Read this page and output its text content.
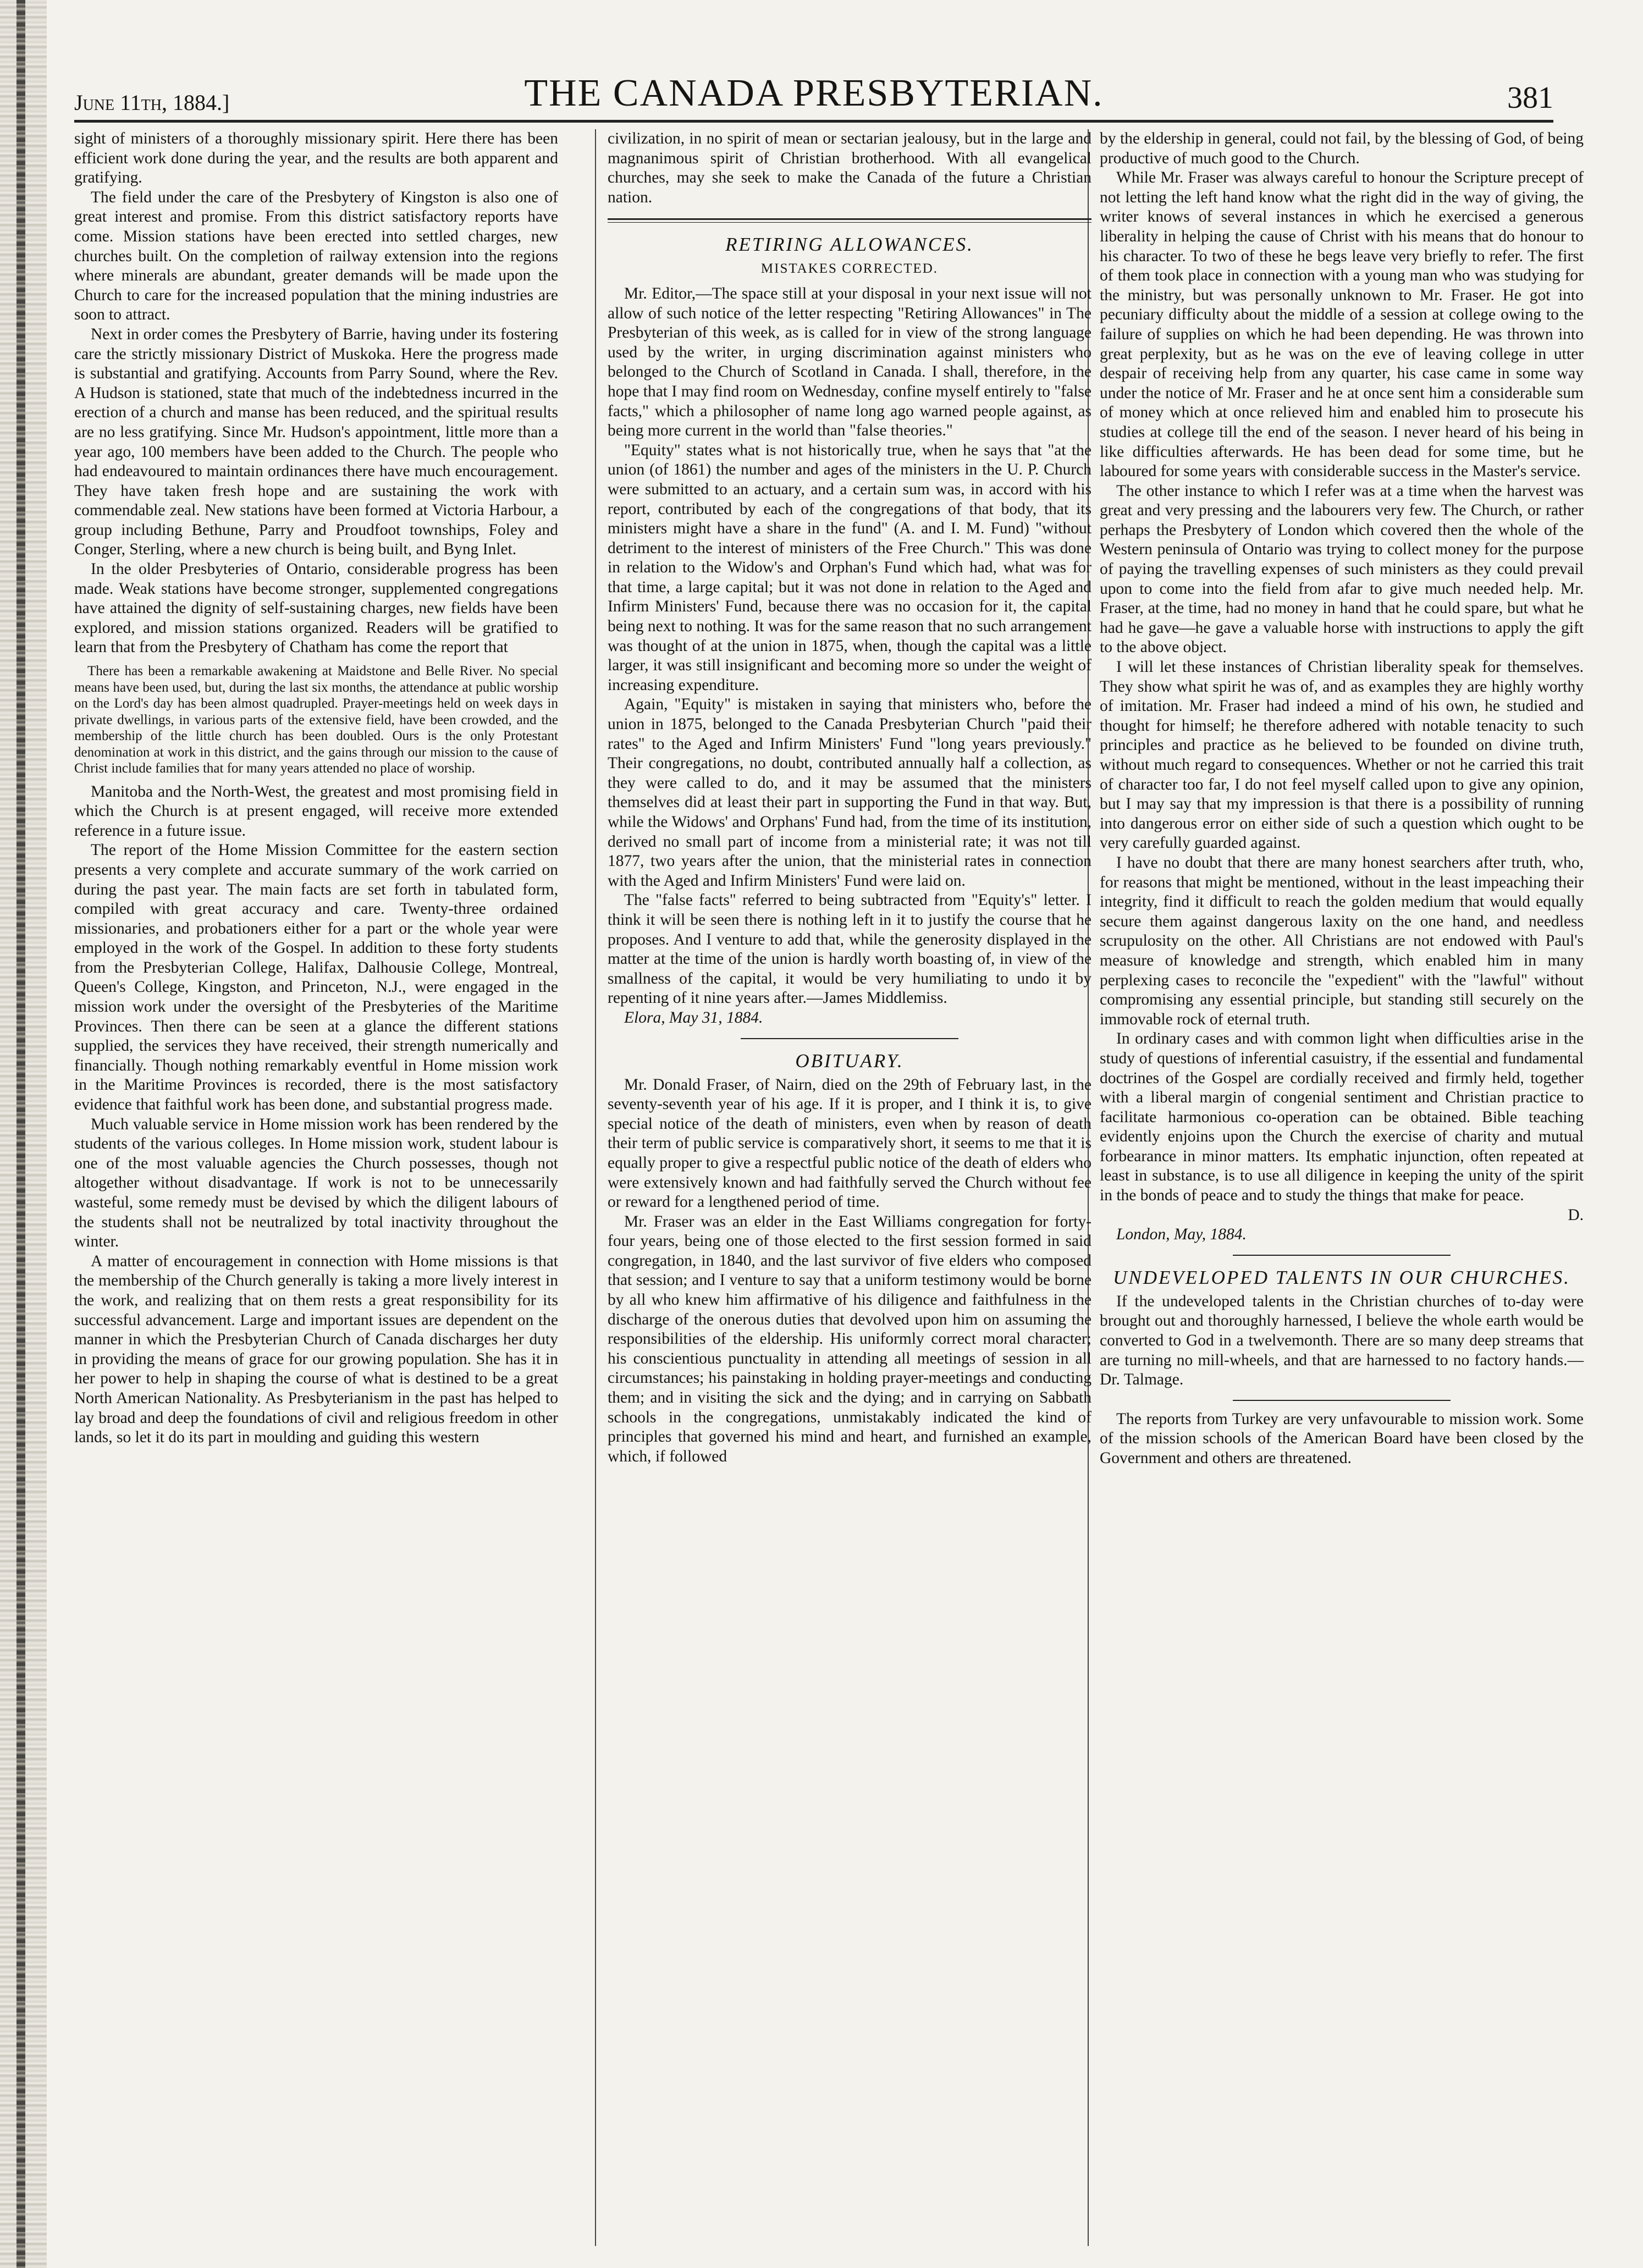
June 11th, 1884.]	THE CANADA PRESBYTERIAN.	381

sight of ministers of a thoroughly missionary spirit. Here there has been efficient work done during the year, and the results are both apparent and gratifying.

The field under the care of the Presbytery of Kingston is also one of great interest and promise. From this district satisfactory reports have come. Mission stations have been erected into settled charges, new churches built. On the completion of railway extension into the regions where minerals are abundant, greater demands will be made upon the Church to care for the increased population that the mining industries are soon to attract.

Next in order comes the Presbytery of Barrie, having under its fostering care the strictly missionary District of Muskoka. Here the progress made is substantial and gratifying. Accounts from Parry Sound, where the Rev. A Hudson is stationed, state that much of the indebtedness incurred in the erection of a church and manse has been reduced, and the spiritual results are no less gratifying. Since Mr. Hudson's appointment, little more than a year ago, 100 members have been added to the Church. The people who had endeavoured to maintain ordinances there have much encouragement. They have taken fresh hope and are sustaining the work with commendable zeal. New stations have been formed at Victoria Harbour, a group including Bethune, Parry and Proudfoot townships, Foley and Conger, Sterling, where a new church is being built, and Byng Inlet.

In the older Presbyteries of Ontario, considerable progress has been made. Weak stations have become stronger, supplemented congregations have attained the dignity of self-sustaining charges, new fields have been explored, and mission stations organized. Readers will be gratified to learn that from the Presbytery of Chatham has come the report that

There has been a remarkable awakening at Maidstone and Belle River. No special means have been used, but, during the last six months, the attendance at public worship on the Lord's day has been almost quadrupled. Prayer-meetings held on week days in private dwellings, in various parts of the extensive field, have been crowded, and the membership of the little church has been doubled. Ours is the only Protestant denomination at work in this district, and the gains through our mission to the cause of Christ include families that for many years attended no place of worship.

Manitoba and the North-West, the greatest and most promising field in which the Church is at present engaged, will receive more extended reference in a future issue.

The report of the Home Mission Committee for the eastern section presents a very complete and accurate summary of the work carried on during the past year. The main facts are set forth in tabulated form, compiled with great accuracy and care. Twenty-three ordained missionaries, and probationers either for a part or the whole year were employed in the work of the Gospel. In addition to these forty students from the Presbyterian College, Halifax, Dalhousie College, Montreal, Queen's College, Kingston, and Princeton, N.J., were engaged in the mission work under the oversight of the Presbyteries of the Maritime Provinces. Then there can be seen at a glance the different stations supplied, the services they have received, their strength numerically and financially. Though nothing remarkably eventful in Home mission work in the Maritime Provinces is recorded, there is the most satisfactory evidence that faithful work has been done, and substantial progress made.

Much valuable service in Home mission work has been rendered by the students of the various colleges. In Home mission work, student labour is one of the most valuable agencies the Church possesses, though not altogether without disadvantage. If work is not to be unnecessarily wasteful, some remedy must be devised by which the diligent labours of the students shall not be neutralized by total inactivity throughout the winter.

A matter of encouragement in connection with Home missions is that the membership of the Church generally is taking a more lively interest in the work, and realizing that on them rests a great responsibility for its successful advancement. Large and important issues are dependent on the manner in which the Presbyterian Church of Canada discharges her duty in providing the means of grace for our growing population. She has it in her power to help in shaping the course of what is destined to be a great North American Nationality. As Presbyterianism in the past has helped to lay broad and deep the foundations of civil and religious freedom in other lands, so let it do its part in moulding and guiding this western

civilization, in no spirit of mean or sectarian jealousy, but in the large and magnanimous spirit of Christian brotherhood. With all evangelical churches, may she seek to make the Canada of the future a Christian nation.

RETIRING ALLOWANCES.
MISTAKES CORRECTED.

Mr. Editor,—The space still at your disposal in your next issue will not allow of such notice of the letter respecting "Retiring Allowances" in The Presbyterian of this week, as is called for in view of the strong language used by the writer, in urging discrimination against ministers who belonged to the Church of Scotland in Canada. I shall, therefore, in the hope that I may find room on Wednesday, confine myself entirely to "false facts," which a philosopher of name long ago warned people against, as being more current in the world than "false theories."

"Equity" states what is not historically true, when he says that "at the union (of 1861) the number and ages of the ministers in the U. P. Church were submitted to an actuary, and a certain sum was, in accord with his report, contributed by each of the congregations of that body, that its ministers might have a share in the fund" (A. and I. M. Fund) "without detriment to the interest of ministers of the Free Church." This was done in relation to the Widow's and Orphan's Fund which had, what was for that time, a large capital; but it was not done in relation to the Aged and Infirm Ministers' Fund, because there was no occasion for it, the capital being next to nothing. It was for the same reason that no such arrangement was thought of at the union in 1875, when, though the capital was a little larger, it was still insignificant and becoming more so under the weight of increasing expenditure.

Again, "Equity" is mistaken in saying that ministers who, before the union in 1875, belonged to the Canada Presbyterian Church "paid their rates" to the Aged and Infirm Ministers' Fund "long years previously." Their congregations, no doubt, contributed annually half a collection, as they were called to do, and it may be assumed that the ministers themselves did at least their part in supporting the Fund in that way. But, while the Widows' and Orphans' Fund had, from the time of its institution, derived no small part of income from a ministerial rate; it was not till 1877, two years after the union, that the ministerial rates in connection with the Aged and Infirm Ministers' Fund were laid on.

The "false facts" referred to being subtracted from "Equity's" letter. I think it will be seen there is nothing left in it to justify the course that he proposes. And I venture to add that, while the generosity displayed in the matter at the time of the union is hardly worth boasting of, in view of the smallness of the capital, it would be very humiliating to undo it by repenting of it nine years after.—James Middlemiss.

Elora, May 31, 1884.

OBITUARY.

Mr. Donald Fraser, of Nairn, died on the 29th of February last, in the seventy-seventh year of his age. If it is proper, and I think it is, to give special notice of the death of ministers, even when by reason of death their term of public service is comparatively short, it seems to me that it is equally proper to give a respectful public notice of the death of elders who were extensively known and had faithfully served the Church without fee or reward for a lengthened period of time.

Mr. Fraser was an elder in the East Williams congregation for forty-four years, being one of those elected to the first session formed in said congregation, in 1840, and the last survivor of five elders who composed that session; and I venture to say that a uniform testimony would be borne by all who knew him affirmative of his diligence and faithfulness in the discharge of the onerous duties that devolved upon him on assuming the responsibilities of the eldership. His uniformly correct moral character; his conscientious punctuality in attending all meetings of session in all circumstances; his painstaking in holding prayer-meetings and conducting them; and in visiting the sick and the dying; and in carrying on Sabbath schools in the congregations, unmistakably indicated the kind of principles that governed his mind and heart, and furnished an example, which, if followed

by the eldership in general, could not fail, by the blessing of God, of being productive of much good to the Church.

While Mr. Fraser was always careful to honour the Scripture precept of not letting the left hand know what the right did in the way of giving, the writer knows of several instances in which he exercised a generous liberality in helping the cause of Christ with his means that do honour to his character. To two of these he begs leave very briefly to refer. The first of them took place in connection with a young man who was studying for the ministry, but was personally unknown to Mr. Fraser. He got into pecuniary difficulty about the middle of a session at college owing to the failure of supplies on which he had been depending. He was thrown into great perplexity, but as he was on the eve of leaving college in utter despair of receiving help from any quarter, his case came in some way under the notice of Mr. Fraser and he at once sent him a considerable sum of money which at once relieved him and enabled him to prosecute his studies at college till the end of the season. I never heard of his being in like difficulties afterwards. He has been dead for some time, but he laboured for some years with considerable success in the Master's service.

The other instance to which I refer was at a time when the harvest was great and very pressing and the labourers very few. The Church, or rather perhaps the Presbytery of London which covered then the whole of the Western peninsula of Ontario was trying to collect money for the purpose of paying the travelling expenses of such ministers as they could prevail upon to come into the field from afar to give much needed help. Mr. Fraser, at the time, had no money in hand that he could spare, but what he had he gave—he gave a valuable horse with instructions to apply the gift to the above object.

I will let these instances of Christian liberality speak for themselves. They show what spirit he was of, and as examples they are highly worthy of imitation. Mr. Fraser had indeed a mind of his own, he studied and thought for himself; he therefore adhered with notable tenacity to such principles and practice as he believed to be founded on divine truth, without much regard to consequences. Whether or not he carried this trait of character too far, I do not feel myself called upon to give any opinion, but I may say that my impression is that there is a possibility of running into dangerous error on either side of such a question which ought to be very carefully guarded against.

I have no doubt that there are many honest searchers after truth, who, for reasons that might be mentioned, without in the least impeaching their integrity, find it difficult to reach the golden medium that would equally secure them against dangerous laxity on the one hand, and needless scrupulosity on the other. All Christians are not endowed with Paul's measure of knowledge and strength, which enabled him in many perplexing cases to reconcile the "expedient" with the "lawful" without compromising any essential principle, but standing still securely on the immovable rock of eternal truth.

In ordinary cases and with common light when difficulties arise in the study of questions of inferential casuistry, if the essential and fundamental doctrines of the Gospel are cordially received and firmly held, together with a liberal margin of congenial sentiment and Christian practice to facilitate harmonious co-operation can be obtained. Bible teaching evidently enjoins upon the Church the exercise of charity and mutual forbearance in minor matters. Its emphatic injunction, often repeated at least in substance, is to use all diligence in keeping the unity of the spirit in the bonds of peace and to study the things that make for peace.

D.

London, May, 1884.

UNDEVELOPED TALENTS IN OUR CHURCHES.

If the undeveloped talents in the Christian churches of to-day were brought out and thoroughly harnessed, I believe the whole earth would be converted to God in a twelvemonth. There are so many deep streams that are turning no mill-wheels, and that are harnessed to no factory hands.—Dr. Talmage.

The reports from Turkey are very unfavourable to mission work. Some of the mission schools of the American Board have been closed by the Government and others are threatened.
